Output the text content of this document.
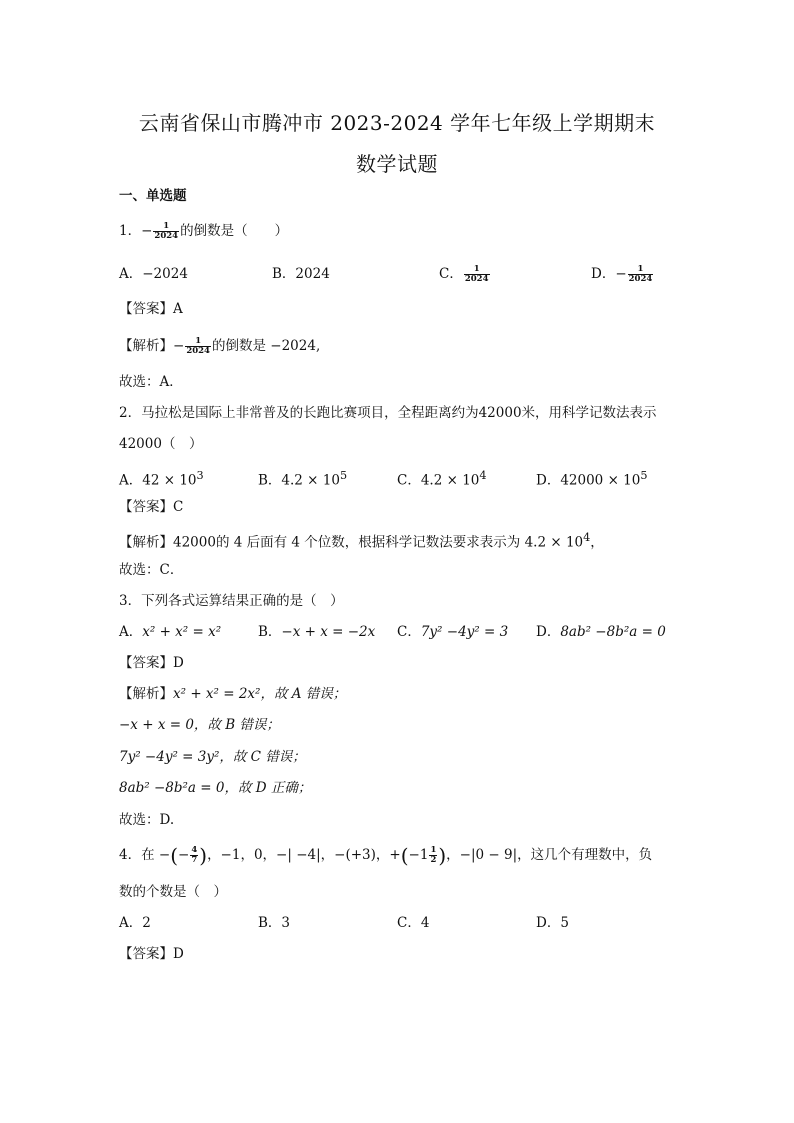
云南省保山市腾冲市 2023-2024 学年七年级上学期期末
数学试题
一、单选题
1．− $\frac{1}{2024}$ 的倒数是（　　）
A．−2024	B．2024	C． $\frac{1}{2024}$	D．− $\frac{1}{2024}$
【答案】A
【解析】− $\frac{1}{2024}$ 的倒数是 −2024,
故选：A．
2．马拉松是国际上非常普及的长跑比赛项目，全程距离约为42000米，用科学记数法表示
42000（　）
A．$42 \times 10^3$	B．$4.2 \times 10^5$	C．$4.2 \times 10^4$	D．$42000 \times 10^5$
【答案】C
【解析】42000的 4 后面有 4 个位数，根据科学记数法要求表示为 $4.2 \times 10^4$，
故选：C．
3．下列各式运算结果正确的是（　）
A．x² + x² = x²	B．−x + x = −2x C．7y² −4y² = 3 D．8ab² −8b²a = 0
【答案】D
【解析】x² + x² = 2x²，故 A 错误；
−x + x = 0，故 B 错误；
7y² −4y² = 3y²，故 C 错误；
8ab² −8b²a = 0，故 D 正确；
故选：D.
4．在 −(− $\frac{4}{7}$ )，−1，0，−| −4|，−(+3)，$+(-1 \frac{1}{2}$ )，−|0 − 9|，这几个有理数中，负
数的个数是（　）
A．2	B．3	C．4	D．5
【答案】D
